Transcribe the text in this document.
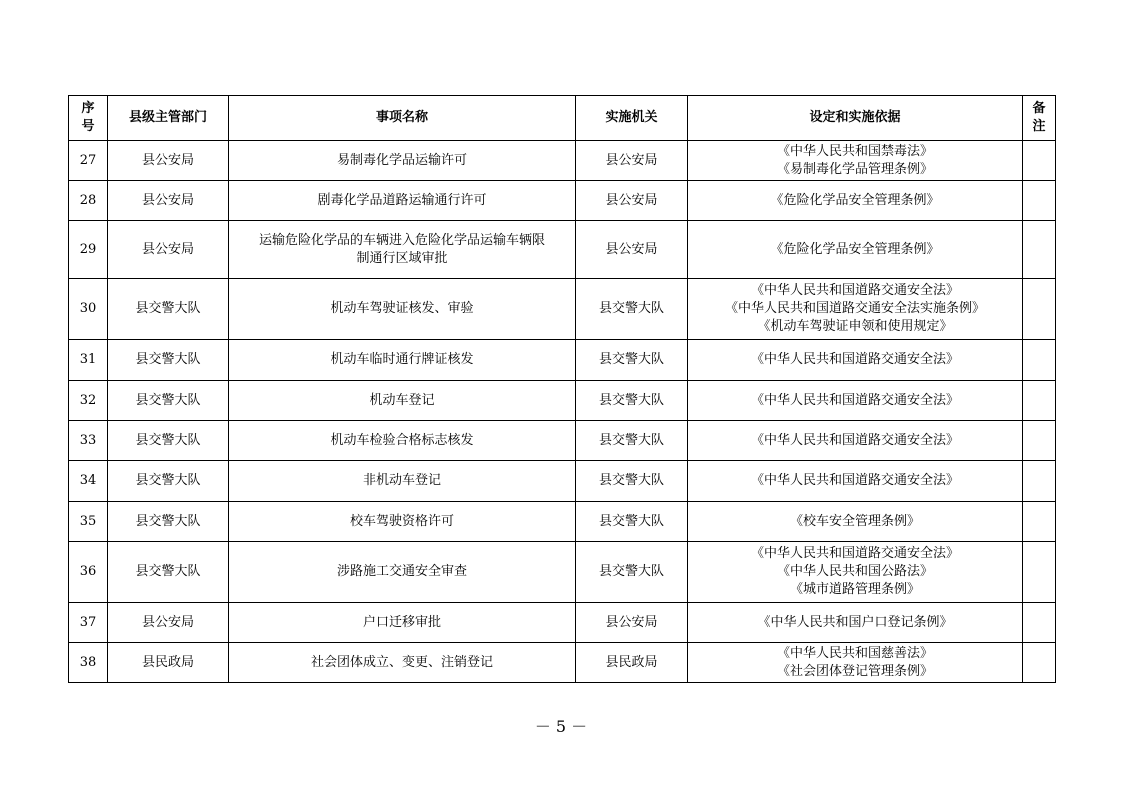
序
号	县级主管部门	事项名称	实施机关	设定和实施依据	备
注

27	县公安局	易制毒化学品运输许可	县公安局	《中华人民共和国禁毒法》
《易制毒化学品管理条例》	

28	县公安局	剧毒化学品道路运输通行许可	县公安局	《危险化学品安全管理条例》	

29	县公安局	运输危险化学品的车辆进入危险化学品运输车辆限
制通行区域审批	县公安局	《危险化学品安全管理条例》	

30	县交警大队	机动车驾驶证核发、审验	县交警大队	《中华人民共和国道路交通安全法》
《中华人民共和国道路交通安全法实施条例》
《机动车驾驶证申领和使用规定》	

31	县交警大队	机动车临时通行牌证核发	县交警大队	《中华人民共和国道路交通安全法》	

32	县交警大队	机动车登记	县交警大队	《中华人民共和国道路交通安全法》	

33	县交警大队	机动车检验合格标志核发	县交警大队	《中华人民共和国道路交通安全法》	

34	县交警大队	非机动车登记	县交警大队	《中华人民共和国道路交通安全法》	

35	县交警大队	校车驾驶资格许可	县交警大队	《校车安全管理条例》	

36	县交警大队	涉路施工交通安全审查	县交警大队	《中华人民共和国道路交通安全法》
《中华人民共和国公路法》
《城市道路管理条例》	

37	县公安局	户口迁移审批	县公安局	《中华人民共和国户口登记条例》	

38	县民政局	社会团体成立、变更、注销登记	县民政局	《中华人民共和国慈善法》
《社会团体登记管理条例》	

－ 5 －
